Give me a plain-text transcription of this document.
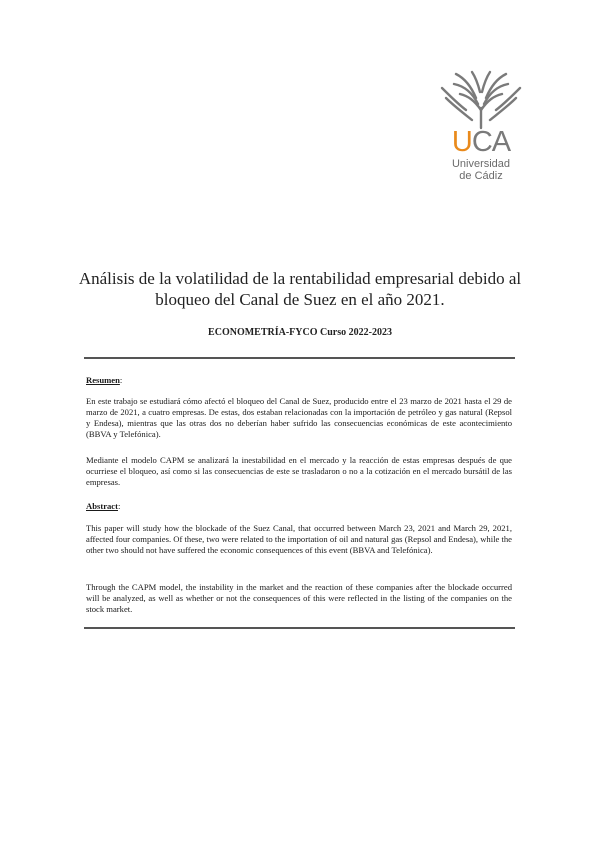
UCA
Universidad
de Cádiz
Análisis de la volatilidad de la rentabilidad empresarial debido al
bloqueo del Canal de Suez en el año 2021.
ECONOMETRÍA-FYCO Curso 2022-2023
Resumen:
En este trabajo se estudiará cómo afectó el bloqueo del Canal de Suez, producido entre el 23 marzo de 2021 hasta el 29 de marzo de 2021, a cuatro empresas. De estas, dos estaban relacionadas con la importación de petróleo y gas natural (Repsol y Endesa), mientras que las otras dos no deberían haber sufrido las consecuencias económicas de este acontecimiento (BBVA y Telefónica).
Mediante el modelo CAPM se analizará la inestabilidad en el mercado y la reacción de estas empresas después de que ocurriese el bloqueo, así como si las consecuencias de este se trasladaron o no a la cotización en el mercado bursátil de las empresas.
Abstract:
This paper will study how the blockade of the Suez Canal, that occurred between March 23, 2021 and March 29, 2021, affected four companies. Of these, two were related to the importation of oil and natural gas (Repsol and Endesa), while the other two should not have suffered the economic consequences of this event (BBVA and Telefónica).
Through the CAPM model, the instability in the market and the reaction of these companies after the blockade occurred will be analyzed, as well as whether or not the consequences of this were reflected in the listing of the companies on the stock market.
